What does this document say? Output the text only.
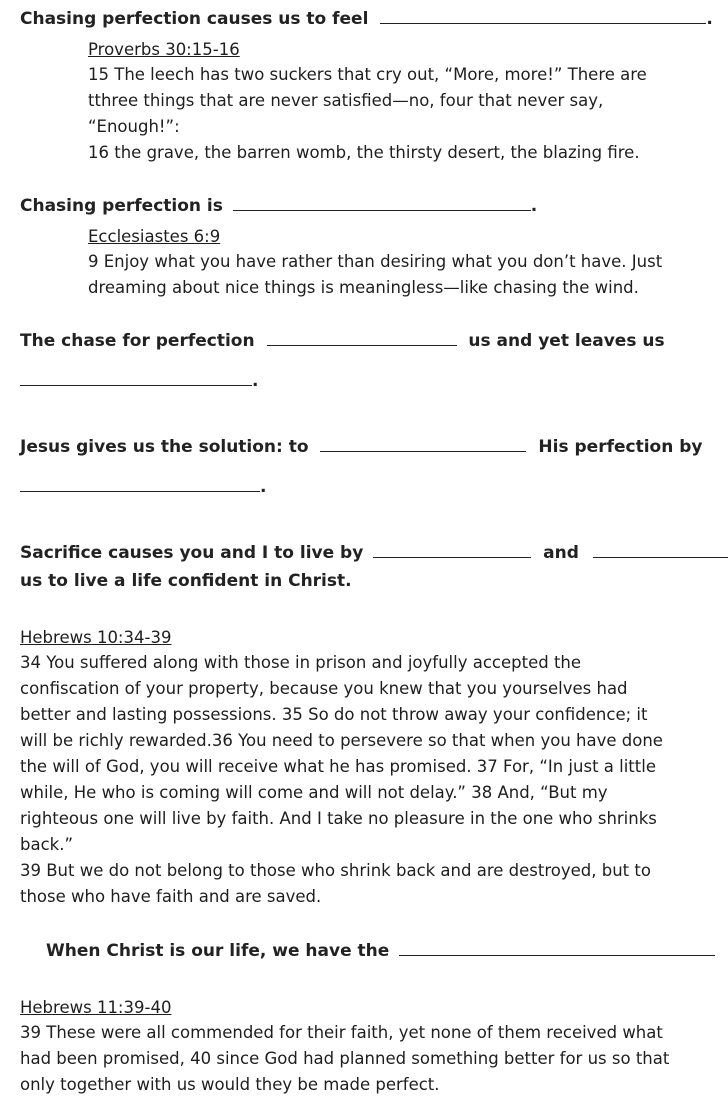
Chasing perfection causes us to feel	.
Proverbs 30:15-16
15 The leech has two suckers that cry out, “More, more!” There are
tthree things that are never satisfied—no, four that never say,
“Enough!”:
16 the grave, the barren womb, the thirsty desert, the blazing fire.
Chasing perfection is	.
Ecclesiastes 6:9
9 Enjoy what you have rather than desiring what you don’t have. Just
dreaming about nice things is meaningless—like chasing the wind.
The chase for perfection	us and yet leaves us
.
Jesus gives us the solution: to	His perfection by
.
Sacrifice causes you and I to live by	and
us to live a life confident in Christ.
Hebrews 10:34-39
34 You suffered along with those in prison and joyfully accepted the
confiscation of your property, because you knew that you yourselves had
better and lasting possessions. 35 So do not throw away your confidence; it
will be richly rewarded.36 You need to persevere so that when you have done
the will of God, you will receive what he has promised. 37 For, “In just a little
while, He who is coming will come and will not delay.” 38 And, “But my
righteous one will live by faith. And I take no pleasure in the one who shrinks
back.”
39 But we do not belong to those who shrink back and are destroyed, but to
those who have faith and are saved.
When Christ is our life, we have the
Hebrews 11:39-40
39 These were all commended for their faith, yet none of them received what
had been promised, 40 since God had planned something better for us so that
only together with us would they be made perfect.
